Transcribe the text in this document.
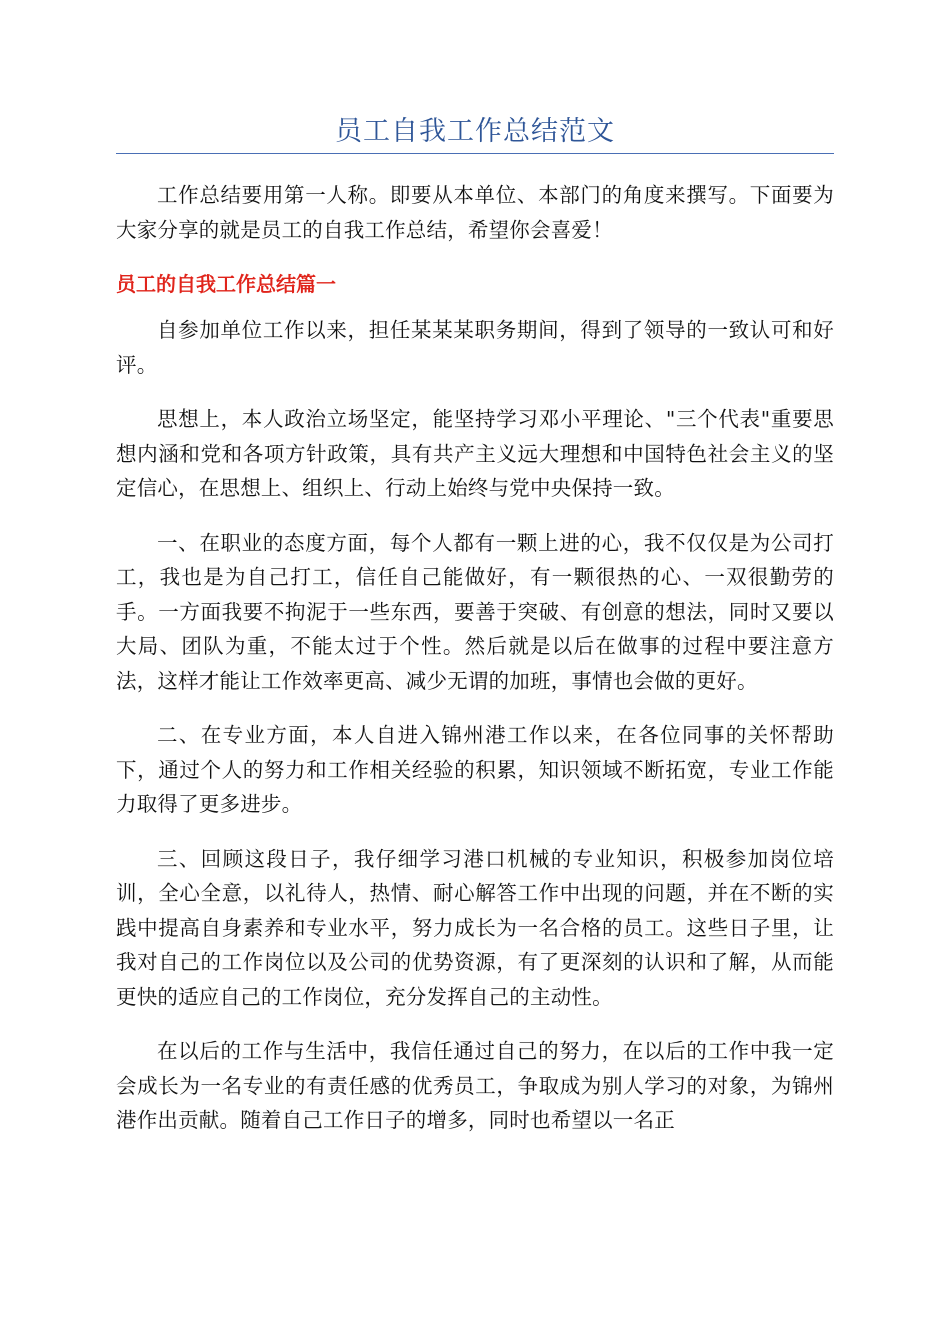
员工自我工作总结范文

工作总结要用第一人称。即要从本单位、本部门的角度来撰写。下面要为大家分享的就是员工的自我工作总结，希望你会喜爱！

员工的自我工作总结篇一

自参加单位工作以来，担任某某某职务期间，得到了领导的一致认可和好评。

思想上，本人政治立场坚定，能坚持学习邓小平理论、"三个代表"重要思想内涵和党和各项方针政策，具有共产主义远大理想和中国特色社会主义的坚定信心，在思想上、组织上、行动上始终与党中央保持一致。

一、在职业的态度方面，每个人都有一颗上进的心，我不仅仅是为公司打工，我也是为自己打工，信任自己能做好，有一颗很热的心、一双很勤劳的手。一方面我要不拘泥于一些东西，要善于突破、有创意的想法，同时又要以大局、团队为重，不能太过于个性。然后就是以后在做事的过程中要注意方法，这样才能让工作效率更高、减少无谓的加班，事情也会做的更好。

二、在专业方面，本人自进入锦州港工作以来，在各位同事的关怀帮助下，通过个人的努力和工作相关经验的积累，知识领域不断拓宽，专业工作能力取得了更多进步。

三、回顾这段日子，我仔细学习港口机械的专业知识，积极参加岗位培训，全心全意，以礼待人，热情、耐心解答工作中出现的问题，并在不断的实践中提高自身素养和专业水平，努力成长为一名合格的员工。这些日子里，让我对自己的工作岗位以及公司的优势资源，有了更深刻的认识和了解，从而能更快的适应自己的工作岗位，充分发挥自己的主动性。

在以后的工作与生活中，我信任通过自己的努力，在以后的工作中我一定会成长为一名专业的有责任感的优秀员工，争取成为别人学习的对象，为锦州港作出贡献。随着自己工作日子的增多，同时也希望以一名正
